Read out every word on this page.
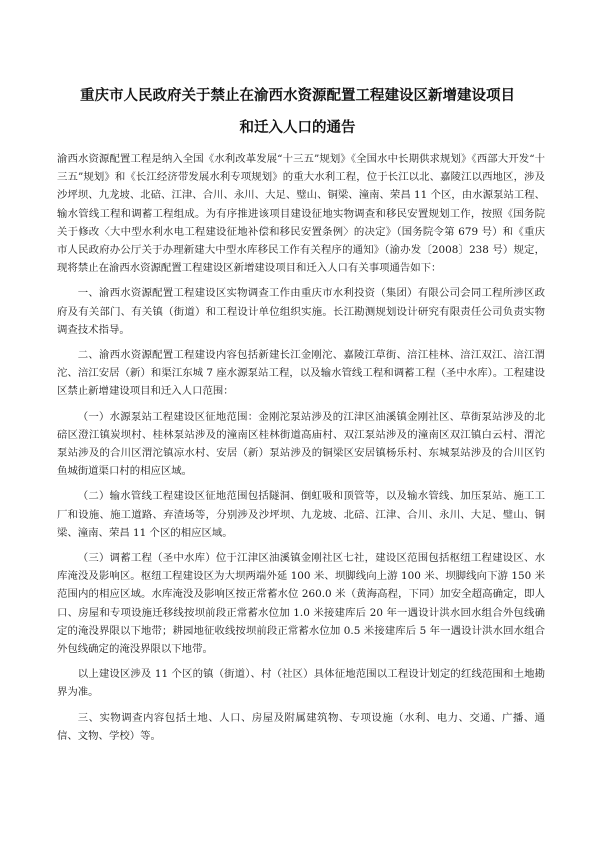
重庆市人民政府关于禁止在渝西水资源配置工程建设区新增建设项目
和迁入人口的通告

渝西水资源配置工程是纳入全国《水利改革发展“十三五”规划》《全国水中长期供求规划》《西部大开发“十三五”规划》和《长江经济带发展水利专项规划》的重大水利工程，位于长江以北、嘉陵江以西地区，涉及沙坪坝、九龙坡、北碚、江津、合川、永川、大足、璧山、铜梁、潼南、荣昌 11 个区，由水源泵站工程、输水管线工程和调蓄工程组成。为有序推进该项目建设征地实物调查和移民安置规划工作，按照《国务院关于修改〈大中型水利水电工程建设征地补偿和移民安置条例〉的决定》（国务院令第 679 号）和《重庆市人民政府办公厅关于办理新建大中型水库移民工作有关程序的通知》（渝办发〔2008〕238 号）规定，现将禁止在渝西水资源配置工程建设区新增建设项目和迁入人口有关事项通告如下：

一、渝西水资源配置工程建设区实物调查工作由重庆市水利投资（集团）有限公司会同工程所涉区政府及有关部门、有关镇（街道）和工程设计单位组织实施。长江勘测规划设计研究有限责任公司负责实物调查技术指导。

二、渝西水资源配置工程建设内容包括新建长江金刚沱、嘉陵江草街、涪江桂林、涪江双江、涪江渭沱、涪江安居（新）和渠江东城 7 座水源泵站工程，以及输水管线工程和调蓄工程（圣中水库）。工程建设区禁止新增建设项目和迁入人口范围：

（一）水源泵站工程建设区征地范围：金刚沱泵站涉及的江津区油溪镇金刚社区、草街泵站涉及的北碚区澄江镇炭坝村、桂林泵站涉及的潼南区桂林街道高庙村、双江泵站涉及的潼南区双江镇白云村、渭沱泵站涉及的合川区渭沱镇凉水村、安居（新）泵站涉及的铜梁区安居镇杨乐村、东城泵站涉及的合川区钓鱼城街道渠口村的相应区域。

（二）输水管线工程建设区征地范围包括隧洞、倒虹吸和顶管等，以及输水管线、加压泵站、施工工厂和设施、施工道路、弃渣场等，分别涉及沙坪坝、九龙坡、北碚、江津、合川、永川、大足、璧山、铜梁、潼南、荣昌 11 个区的相应区域。

（三）调蓄工程（圣中水库）位于江津区油溪镇金刚社区七社，建设区范围包括枢纽工程建设区、水库淹没及影响区。枢纽工程建设区为大坝两端外延 100 米、坝脚线向上游 100 米、坝脚线向下游 150 米范围内的相应区域。水库淹没及影响区按正常蓄水位 260.0 米（黄海高程，下同）加安全超高确定，即人口、房屋和专项设施迁移线按坝前段正常蓄水位加 1.0 米接建库后 20 年一遇设计洪水回水组合外包线确定的淹没界限以下地带；耕园地征收线按坝前段正常蓄水位加 0.5 米接建库后 5 年一遇设计洪水回水组合外包线确定的淹没界限以下地带。

以上建设区涉及 11 个区的镇（街道）、村（社区）具体征地范围以工程设计划定的红线范围和土地勘界为准。

三、实物调查内容包括土地、人口、房屋及附属建筑物、专项设施（水利、电力、交通、广播、通信、文物、学校）等。
